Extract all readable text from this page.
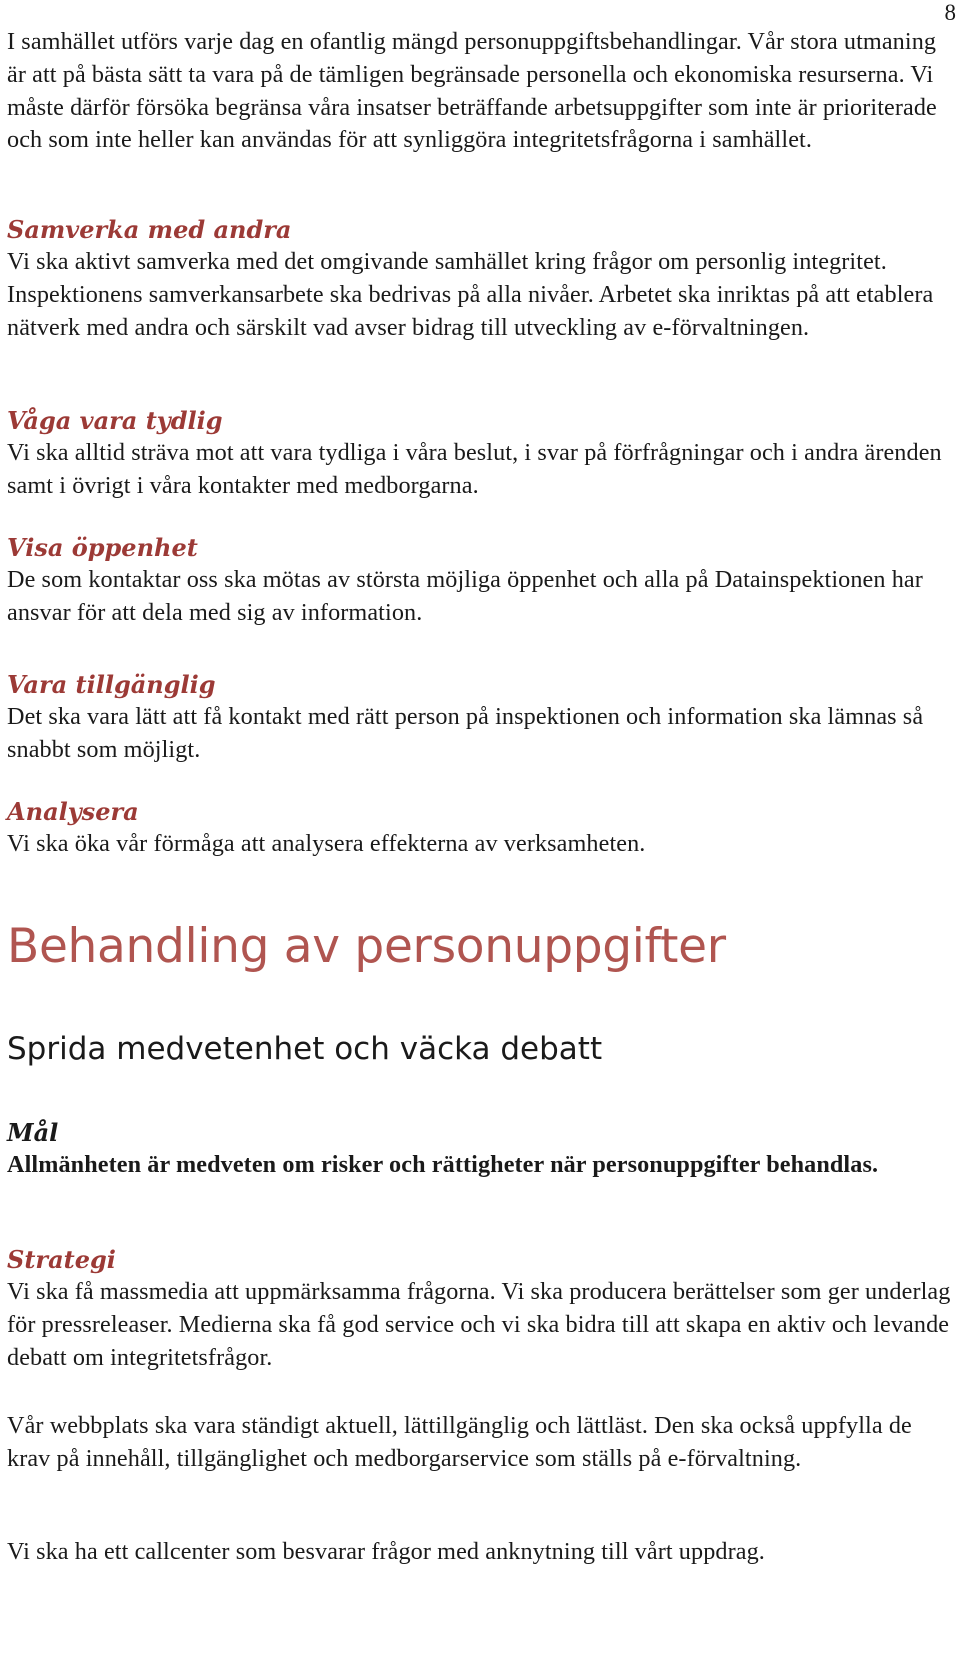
8

I samhället utförs varje dag en ofantlig mängd personuppgiftsbehandlingar. Vår stora utmaning är att på bästa sätt ta vara på de tämligen begränsade personella och ekonomiska resurserna. Vi måste därför försöka begränsa våra insatser beträffande arbetsuppgifter som inte är prioriterade och som inte heller kan användas för att synliggöra integritetsfrågorna i samhället.

Samverka med andra

Vi ska aktivt samverka med det omgivande samhället kring frågor om personlig integritet. Inspektionens samverkansarbete ska bedrivas på alla nivåer. Arbetet ska inriktas på att etablera nätverk med andra och särskilt vad avser bidrag till utveckling av e-förvaltningen.

Våga vara tydlig

Vi ska alltid sträva mot att vara tydliga i våra beslut, i svar på förfrågningar och i andra ärenden samt i övrigt i våra kontakter med medborgarna.

Visa öppenhet

De som kontaktar oss ska mötas av största möjliga öppenhet och alla på Datainspektionen har ansvar för att dela med sig av information.

Vara tillgänglig

Det ska vara lätt att få kontakt med rätt person på inspektionen och information ska lämnas så snabbt som möjligt.

Analysera

Vi ska öka vår förmåga att analysera effekterna av verksamheten.

Behandling av personuppgifter
Sprida medvetenhet och väcka debatt

Mål

Allmänheten är medveten om risker och rättigheter när personuppgifter behandlas.

Strategi

Vi ska få massmedia att uppmärksamma frågorna. Vi ska producera berättelser som ger underlag för pressreleaser. Medierna ska få god service och vi ska bidra till att skapa en aktiv och levande debatt om integritetsfrågor.

Vår webbplats ska vara ständigt aktuell, lättillgänglig och lättläst. Den ska också uppfylla de krav på innehåll, tillgänglighet och medborgarservice som ställs på e-förvaltning.

Vi ska ha ett callcenter som besvarar frågor med anknytning till vårt uppdrag.
